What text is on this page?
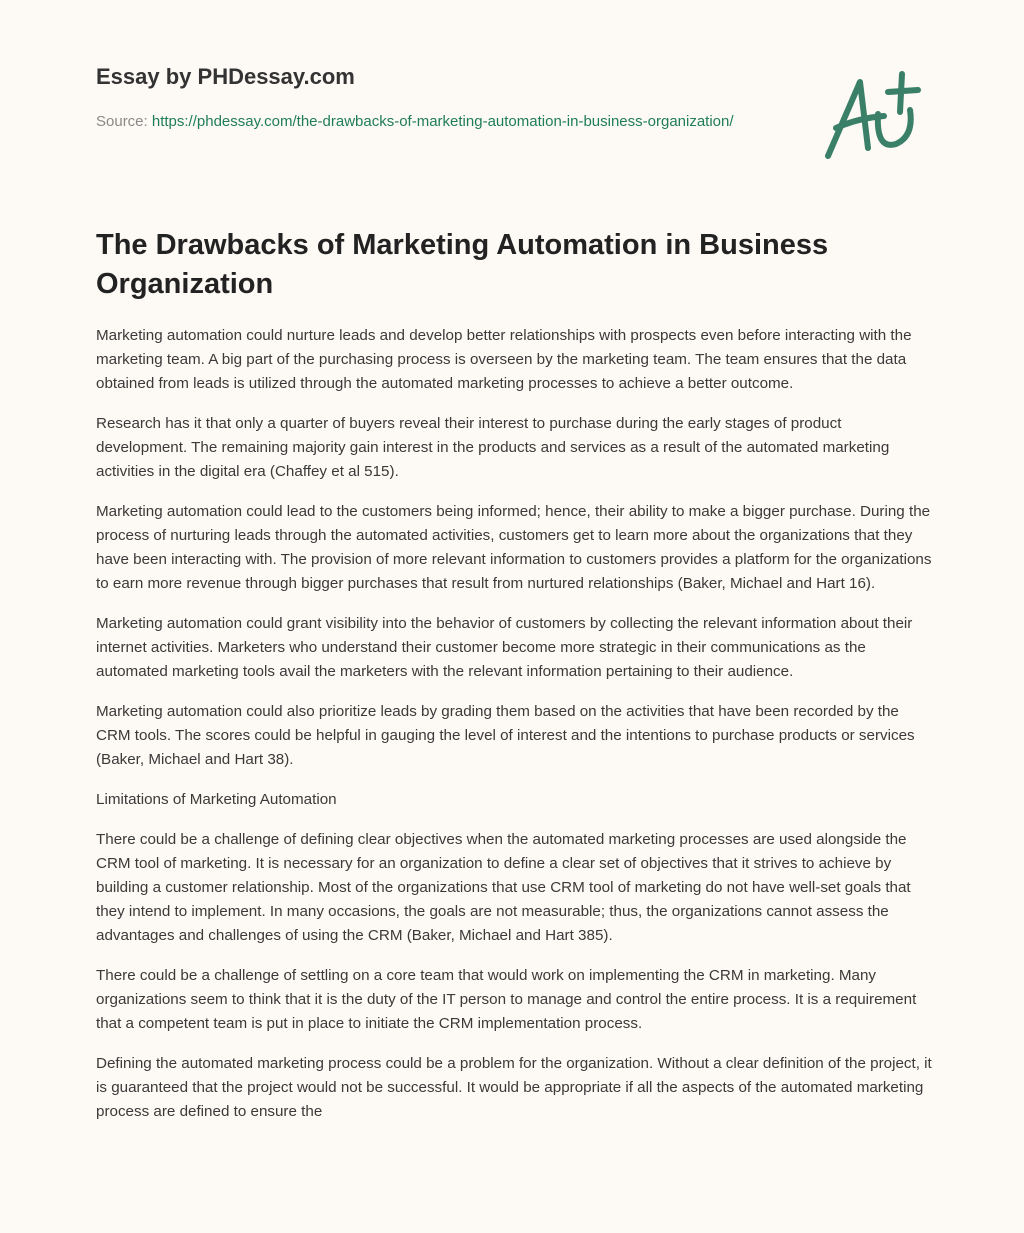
Essay by PHDessay.com
Source: https://phdessay.com/the-drawbacks-of-marketing-automation-in-business-organization/
The Drawbacks of Marketing Automation in Business Organization

Marketing automation could nurture leads and develop better relationships with prospects even before interacting with the marketing team. A big part of the purchasing process is overseen by the marketing team. The team ensures that the data obtained from leads is utilized through the automated marketing processes to achieve a better outcome.

Research has it that only a quarter of buyers reveal their interest to purchase during the early stages of product development. The remaining majority gain interest in the products and services as a result of the automated marketing activities in the digital era (Chaffey et al 515).

Marketing automation could lead to the customers being informed; hence, their ability to make a bigger purchase. During the process of nurturing leads through the automated activities, customers get to learn more about the organizations that they have been interacting with. The provision of more relevant information to customers provides a platform for the organizations to earn more revenue through bigger purchases that result from nurtured relationships (Baker, Michael and Hart 16).

Marketing automation could grant visibility into the behavior of customers by collecting the relevant information about their internet activities. Marketers who understand their customer become more strategic in their communications as the automated marketing tools avail the marketers with the relevant information pertaining to their audience.

Marketing automation could also prioritize leads by grading them based on the activities that have been recorded by the CRM tools. The scores could be helpful in gauging the level of interest and the intentions to purchase products or services (Baker, Michael and Hart 38).

Limitations of Marketing Automation

There could be a challenge of defining clear objectives when the automated marketing processes are used alongside the CRM tool of marketing. It is necessary for an organization to define a clear set of objectives that it strives to achieve by building a customer relationship. Most of the organizations that use CRM tool of marketing do not have well-set goals that they intend to implement. In many occasions, the goals are not measurable; thus, the organizations cannot assess the advantages and challenges of using the CRM (Baker, Michael and Hart 385).

There could be a challenge of settling on a core team that would work on implementing the CRM in marketing. Many organizations seem to think that it is the duty of the IT person to manage and control the entire process. It is a requirement that a competent team is put in place to initiate the CRM implementation process.

Defining the automated marketing process could be a problem for the organization. Without a clear definition of the project, it is guaranteed that the project would not be successful. It would be appropriate if all the aspects of the automated marketing process are defined to ensure the
